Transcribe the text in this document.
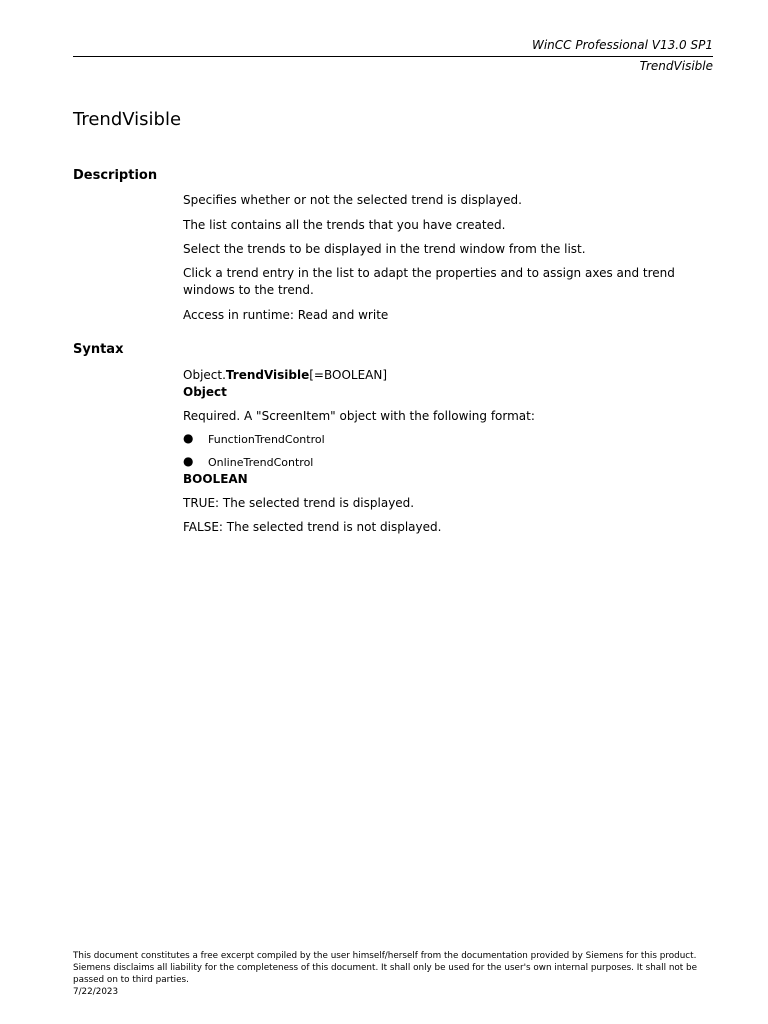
WinCC Professional V13.0 SP1
TrendVisible
TrendVisible
Description

Specifies whether or not the selected trend is displayed.

The list contains all the trends that you have created.

Select the trends to be displayed in the trend window from the list.

Click a trend entry in the list to adapt the properties and to assign axes and trend windows to the trend.

Access in runtime: Read and write

Syntax

Object.TrendVisible[=BOOLEAN]

Object

Required. A "ScreenItem" object with the following format:

● FunctionTrendControl
● OnlineTrendControl

BOOLEAN

TRUE: The selected trend is displayed.

FALSE: The selected trend is not displayed.

This document constitutes a free excerpt compiled by the user himself/herself from the documentation provided by Siemens for this product. Siemens disclaims all liability for the completeness of this document. It shall only be used for the user's own internal purposes. It shall not be passed on to third parties.

7/22/2023
